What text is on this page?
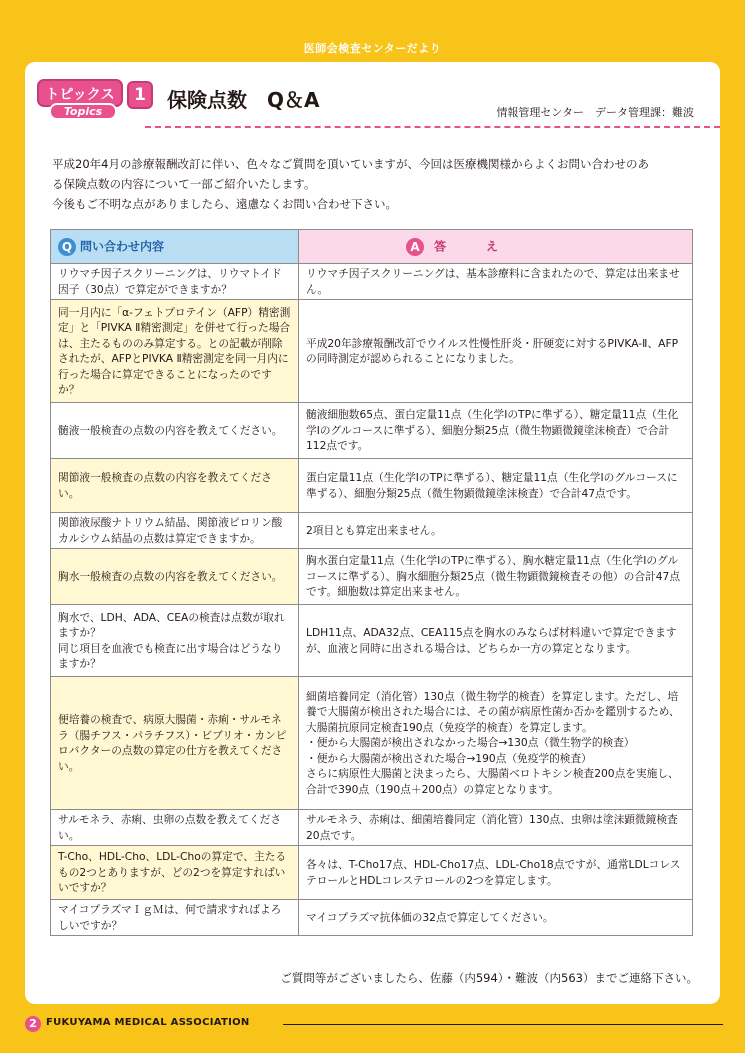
医師会検査センターだより
トピックス
Topics
1	保険点数　Q＆A
情報管理センター　データ管理課：難波
平成20年4月の診療報酬改訂に伴い、色々なご質問を頂いていますが、今回は医療機関様からよくお問い合わせのあ
る保険点数の内容について一部ご紹介いたします。
今後もご不明な点がありましたら、遠慮なくお問い合わせ下さい。
Q 問い合わせ内容	A 答え

リウマチ因子スクリーニングは、リウマトイド因子（30点）で算定ができますか？	リウマチ因子スクリーニングは、基本診療料に含まれたので、算定は出来ません。

同一月内に「α-フェトプロテイン（AFP）精密測定」と「PIVKA Ⅱ精密測定」を併せて行った場合は、主たるもののみ算定する。との記載が削除されたが、AFPとPIVKA Ⅱ精密測定を同一月内に行った場合に算定できることになったのですか？	平成20年診療報酬改訂でウイルス性慢性肝炎・肝硬変に対するPIVKA-Ⅱ、AFPの同時測定が認められることになりました。

髄液一般検査の点数の内容を教えてください。	髄液細胞数65点、蛋白定量11点（生化学ⅠのTPに準ずる）、糖定量11点（生化学Ⅰのグルコースに準ずる）、細胞分類25点（微生物顕微鏡塗沫検査）で合計112点です。

関節液一般検査の点数の内容を教えてください。	蛋白定量11点（生化学ⅠのTPに準ずる）、糖定量11点（生化学Ⅰのグルコースに準ずる）、細胞分類25点（微生物顕微鏡塗沫検査）で合計47点です。

関節液尿酸ナトリウム結晶、関節液ピロリン酸カルシウム結晶の点数は算定できますか。	2項目とも算定出来ません。

胸水一般検査の点数の内容を教えてください。	胸水蛋白定量11点（生化学ⅠのTPに準ずる）、胸水糖定量11点（生化学Ⅰのグルコースに準ずる）、胸水細胞分類25点（微生物顕微鏡検査その他）の合計47点です。細胞数は算定出来ません。

胸水で、LDH、ADA、CEAの検査は点数が取れますか？
同じ項目を血液でも検査に出す場合はどうなりますか？	LDH11点、ADA32点、CEA115点を胸水のみならば材料違いで算定できますが、血液と同時に出される場合は、どちらか一方の算定となります。

便培養の検査で、病原大腸菌・赤痢・サルモネラ（腸チフス・パラチフス）・ビブリオ・カンピロバクターの点数の算定の仕方を教えてください。	細菌培養同定（消化管）130点（微生物学的検査）を算定します。ただし、培養で大腸菌が検出された場合には、その菌が病原性菌か否かを鑑別するため、大腸菌抗原同定検査190点（免疫学的検査）を算定します。
・便から大腸菌が検出されなかった場合→130点（微生物学的検査）
・便から大腸菌が検出された場合→190点（免疫学的検査）
さらに病原性大腸菌と決まったら、大腸菌ベロトキシン検査200点を実施し、合計で390点（190点＋200点）の算定となります。

サルモネラ、赤痢、虫卵の点数を教えてください。	サルモネラ、赤痢は、細菌培養同定（消化管）130点、虫卵は塗沫顕微鏡検査20点です。

T-Cho、HDL-Cho、LDL-Choの算定で、主たるもの2つとありますが、どの2つを算定すればいいですか？	各々は、T-Cho17点、HDL-Cho17点、LDL-Cho18点ですが、通常LDLコレステロールとHDLコレステロールの2つを算定します。

マイコプラズマＩｇＭは、何で請求すればよろしいですか？	マイコプラズマ抗体価の32点で算定してください。
ご質問等がございましたら、佐藤（内594）・難波（内563）までご連絡下さい。
2 FUKUYAMA MEDICAL ASSOCIATION
